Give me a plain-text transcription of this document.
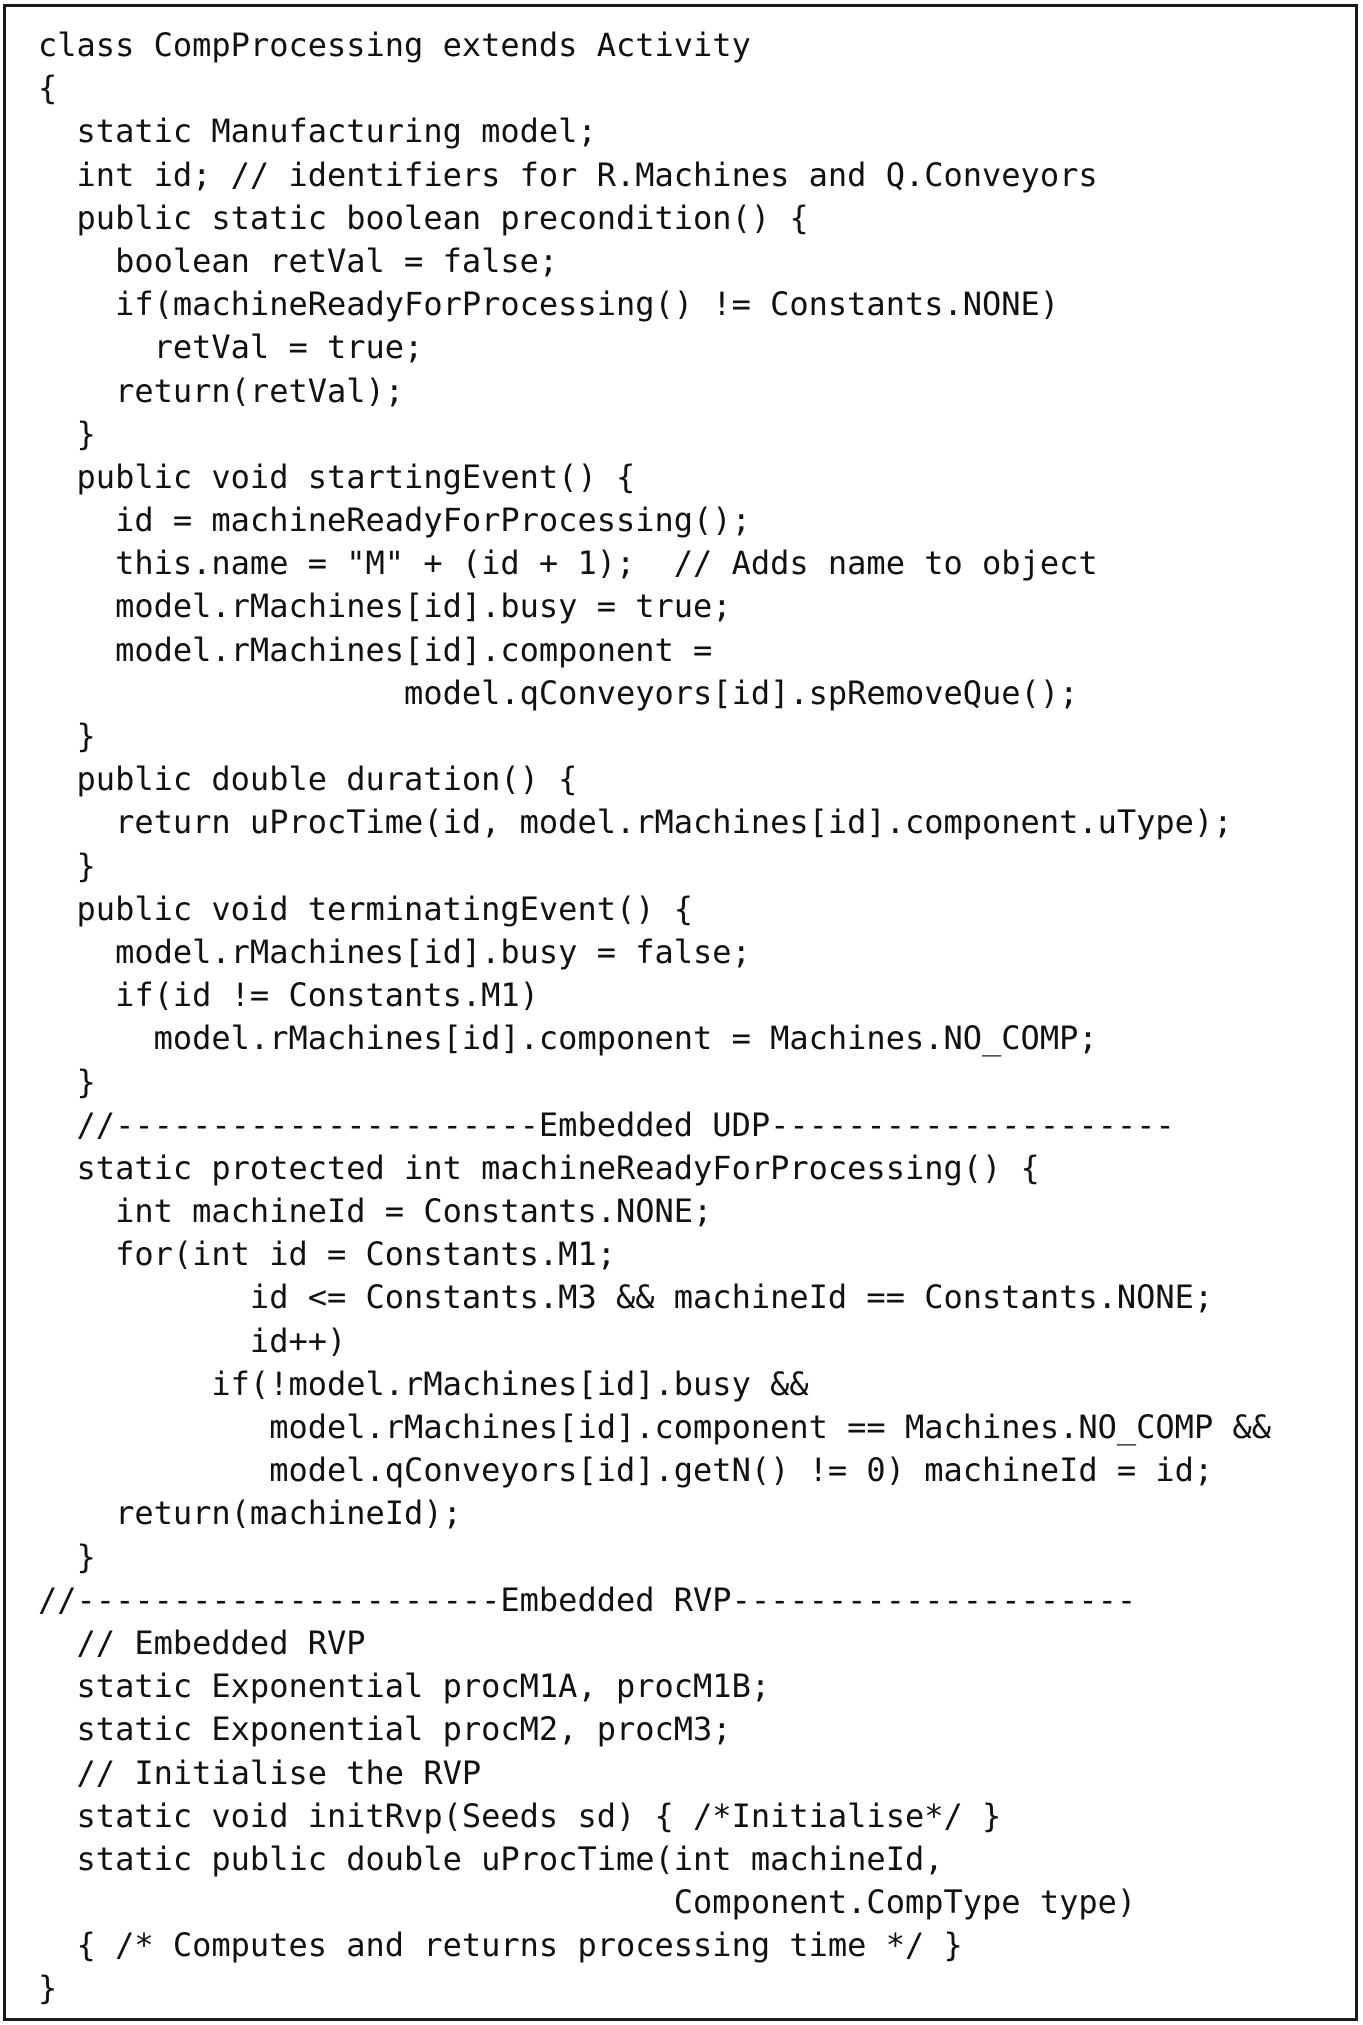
class CompProcessing extends Activity
{
static Manufacturing model;
int id; // identifiers for R.Machines and Q.Conveyors
public static boolean precondition() {
boolean retVal = false;
if(machineReadyForProcessing() != Constants.NONE)
retVal = true;
return(retVal);
}
public void startingEvent() {
id = machineReadyForProcessing();
this.name = "M" + (id + 1);  // Adds name to object
model.rMachines[id].busy = true;
model.rMachines[id].component =
model.qConveyors[id].spRemoveQue();
}
public double duration() {
return uProcTime(id, model.rMachines[id].component.uType);
}
public void terminatingEvent() {
model.rMachines[id].busy = false;
if(id != Constants.M1)
model.rMachines[id].component = Machines.NO_COMP;
}
//----------------------Embedded UDP---------------------
static protected int machineReadyForProcessing() {
int machineId = Constants.NONE;
for(int id = Constants.M1;
id <= Constants.M3 && machineId == Constants.NONE;
id++)
if(!model.rMachines[id].busy &&
model.rMachines[id].component == Machines.NO_COMP &&
model.qConveyors[id].getN() != 0) machineId = id;
return(machineId);
}
//----------------------Embedded RVP---------------------
// Embedded RVP
static Exponential procM1A, procM1B;
static Exponential procM2, procM3;
// Initialise the RVP
static void initRvp(Seeds sd) { /*Initialise*/ }
static public double uProcTime(int machineId,
Component.CompType type)
{ /* Computes and returns processing time */ }
}
